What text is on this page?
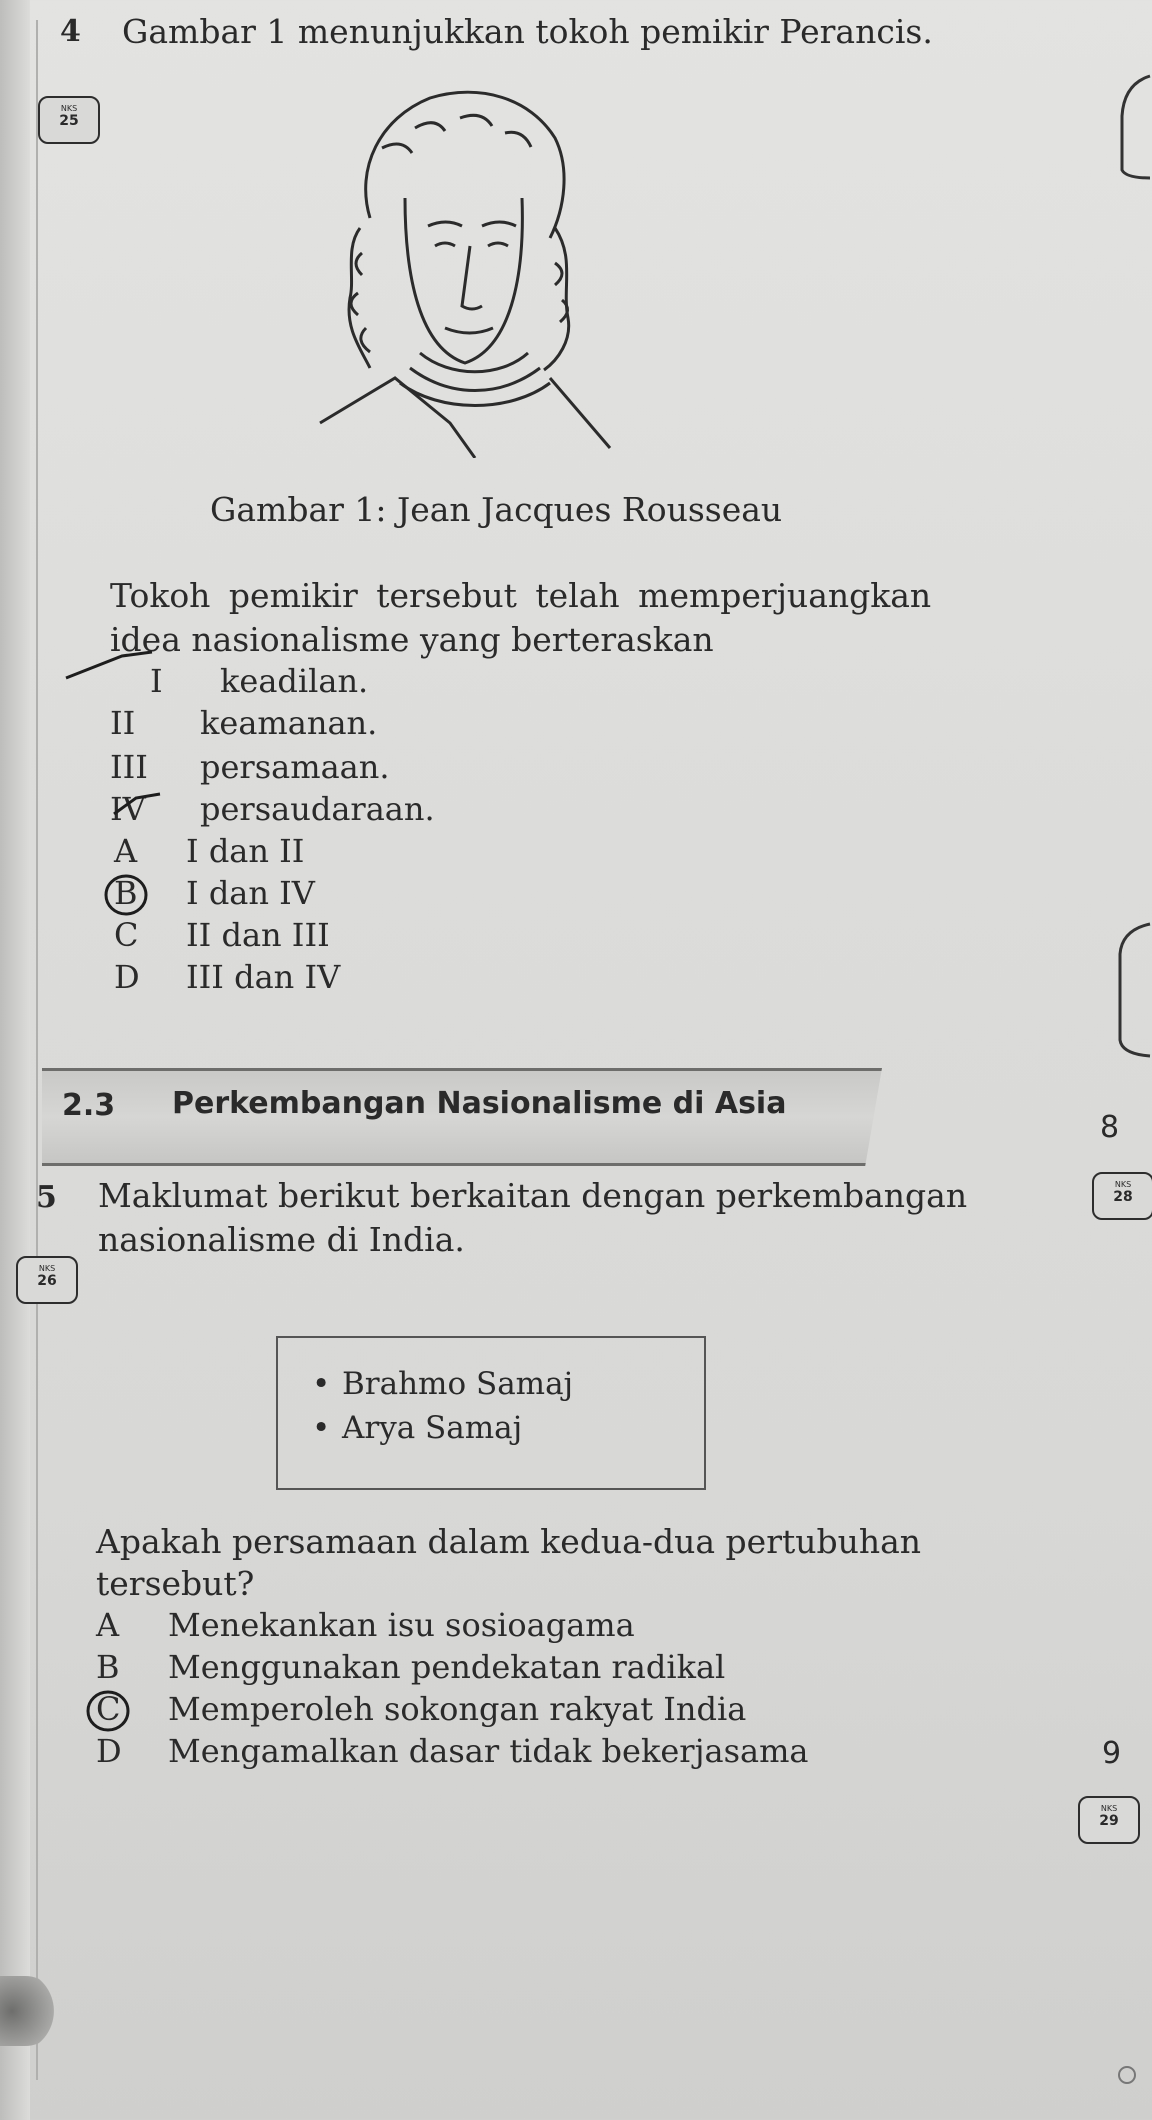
4 Gambar 1 menunjukkan tokoh pemikir Perancis.
NKS
25
Gambar 1: Jean Jacques Rousseau
Tokoh pemikir tersebut telah memperjuangkan
idea nasionalisme yang berteraskan
I	keadilan.
II	keamanan.
III	persamaan.
IV	persaudaraan.
A	I dan II
B	I dan IV
C	II dan III
D	III dan IV
2.3 Perkembangan Nasionalisme di Asia
8
NKS
28
5 Maklumat berikut berkaitan dengan perkembangan
nasionalisme di India.
NKS
26
• Brahmo Samaj
• Arya Samaj
Apakah persamaan dalam kedua-dua pertubuhan
tersebut?
A	Menekankan isu sosioagama
B	Menggunakan pendekatan radikal
C	Memperoleh sokongan rakyat India
D	Mengamalkan dasar tidak bekerjasama	9
NKS
29
